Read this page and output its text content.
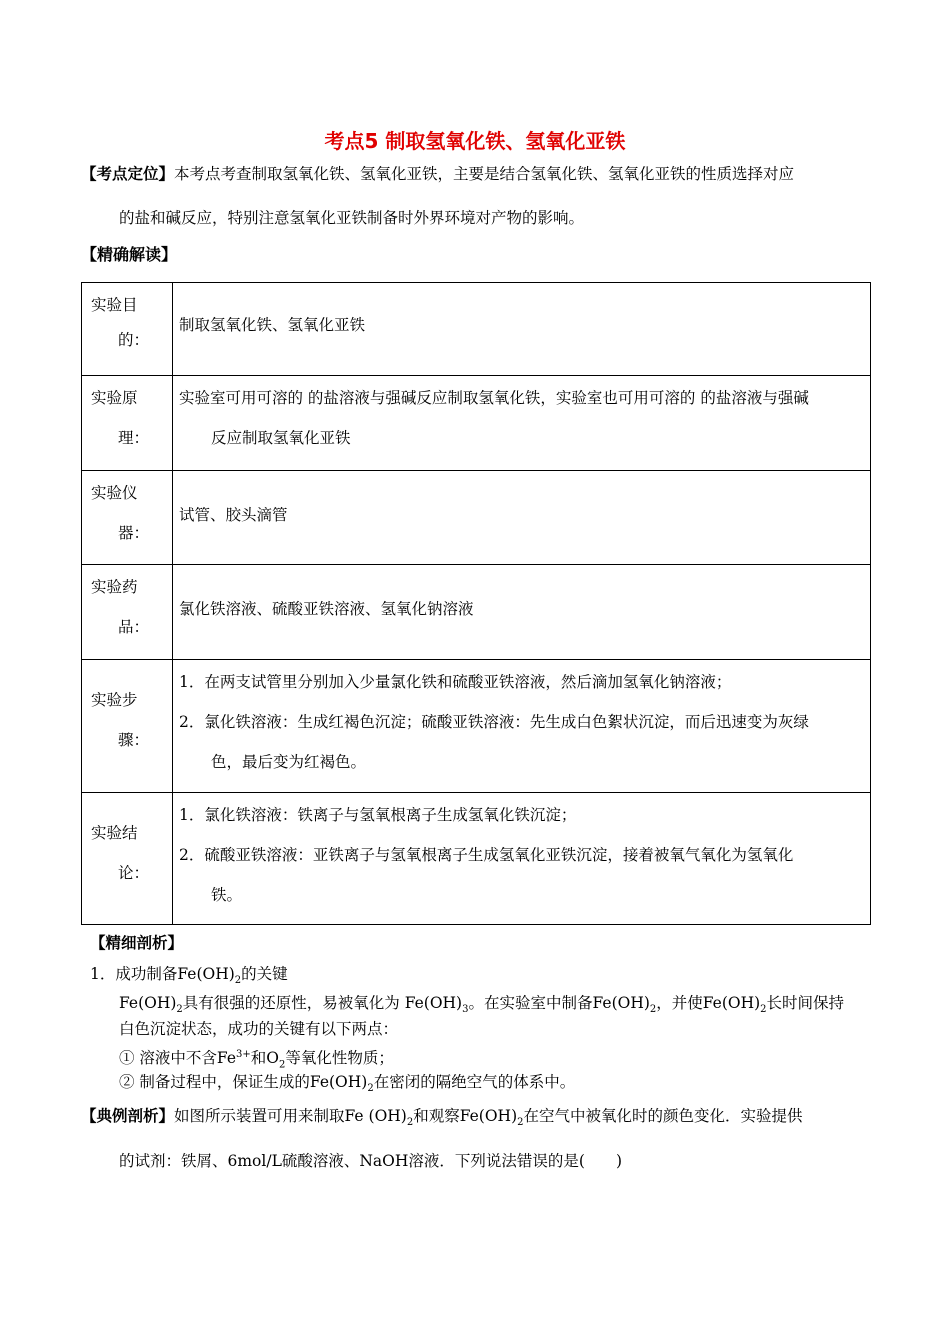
考点5 制取氢氧化铁、氢氧化亚铁
【考点定位】本考点考查制取氢氧化铁、氢氧化亚铁，主要是结合氢氧化铁、氢氧化亚铁的性质选择对应
的盐和碱反应，特别注意氢氧化亚铁制备时外界环境对产物的影响。
【精确解读】
实验目
的：	制取氢氧化铁、氢氧化亚铁

实验原
理：	实验室可用可溶的 的盐溶液与强碱反应制取氢氧化铁，实验室也可用可溶的 的盐溶液与强碱
反应制取氢氧化亚铁

实验仪
器：	试管、胶头滴管

实验药
品：	氯化铁溶液、硫酸亚铁溶液、氢氧化钠溶液

实验步
骤：	1．在两支试管里分别加入少量氯化铁和硫酸亚铁溶液，然后滴加氢氧化钠溶液；
2．氯化铁溶液：生成红褐色沉淀；硫酸亚铁溶液：先生成白色絮状沉淀，而后迅速变为灰绿
色，最后变为红褐色。

实验结
论：	1．氯化铁溶液：铁离子与氢氧根离子生成氢氧化铁沉淀；
2．硫酸亚铁溶液：亚铁离子与氢氧根离子生成氢氧化亚铁沉淀，接着被氧气氧化为氢氧化
铁。
【精细剖析】
1．成功制备$Fe(OH)_2$的关键
$Fe(OH)_2$具有很强的还原性，易被氧化为 $Fe(OH)_3$。在实验室中制备$Fe(OH)_2$，并使$Fe(OH)_2$长时间保持
白色沉淀状态，成功的关键有以下两点：
① 溶液中不含$Fe^{3+}$和$O_2$等氧化性物质；
② 制备过程中，保证生成的$Fe(OH)_2$在密闭的隔绝空气的体系中。
【典例剖析】如图所示装置可用来制取Fe $(OH)_2$和观察$Fe(OH)_2$在空气中被氧化时的颜色变化．实验提供
的试剂：铁屑、6mol/L硫酸溶液、NaOH溶液．下列说法错误的是(　　)
